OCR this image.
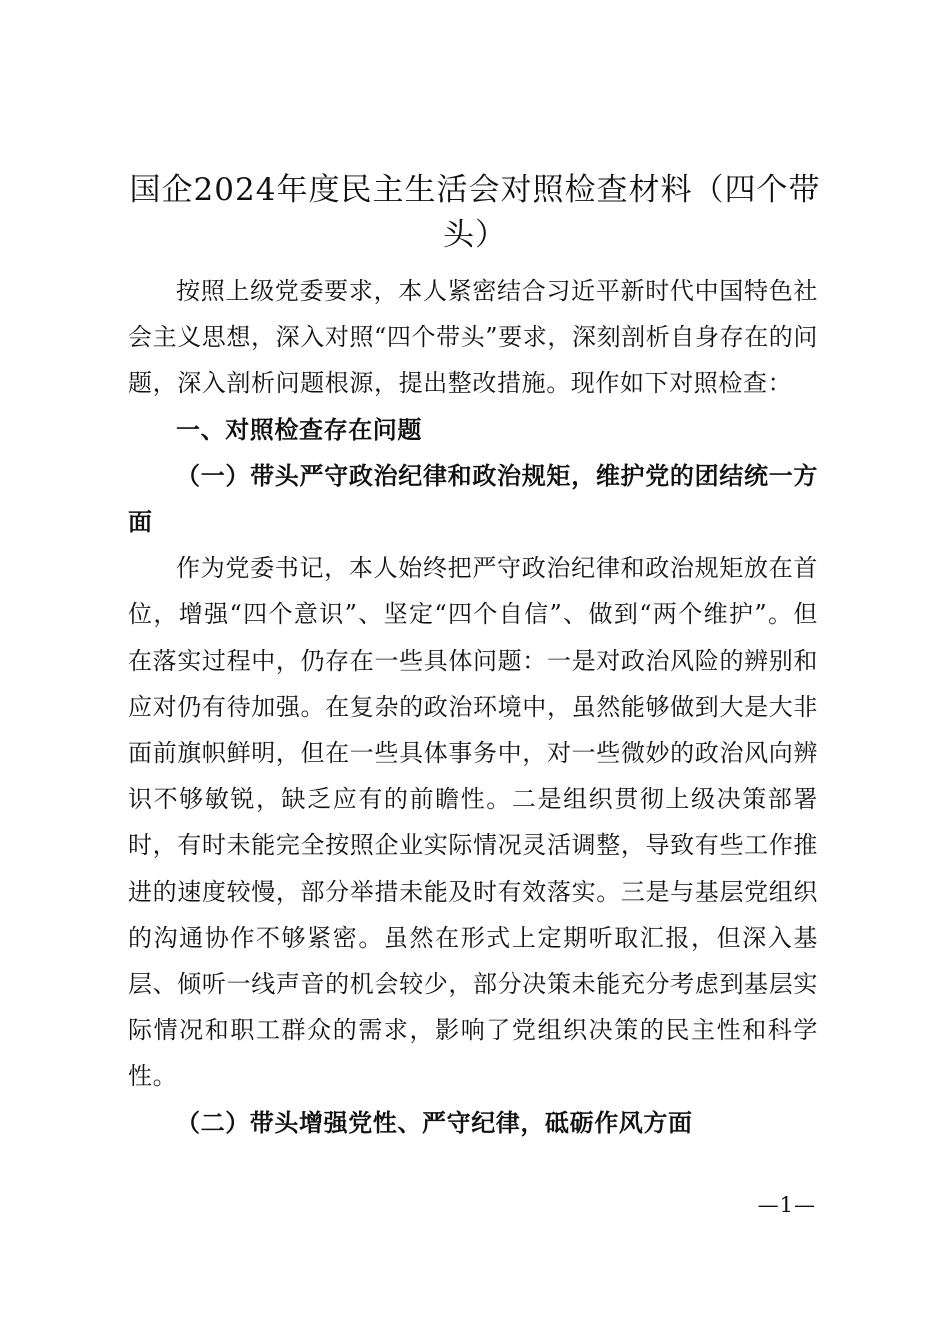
国企2024年度民主生活会对照检查材料（四个带头）

按照上级党委要求，本人紧密结合习近平新时代中国特色社会主义思想，深入对照“四个带头”要求，深刻剖析自身存在的问题，深入剖析问题根源，提出整改措施。现作如下对照检查：

一、对照检查存在问题

（一）带头严守政治纪律和政治规矩，维护党的团结统一方面

作为党委书记，本人始终把严守政治纪律和政治规矩放在首位，增强“四个意识”、坚定“四个自信”、做到“两个维护”。但在落实过程中，仍存在一些具体问题：一是对政治风险的辨别和应对仍有待加强。在复杂的政治环境中，虽然能够做到大是大非面前旗帜鲜明，但在一些具体事务中，对一些微妙的政治风向辨识不够敏锐，缺乏应有的前瞻性。二是组织贯彻上级决策部署时，有时未能完全按照企业实际情况灵活调整，导致有些工作推进的速度较慢，部分举措未能及时有效落实。三是与基层党组织的沟通协作不够紧密。虽然在形式上定期听取汇报，但深入基层、倾听一线声音的机会较少，部分决策未能充分考虑到基层实际情况和职工群众的需求，影响了党组织决策的民主性和科学性。

（二）带头增强党性、严守纪律，砥砺作风方面

—1—
